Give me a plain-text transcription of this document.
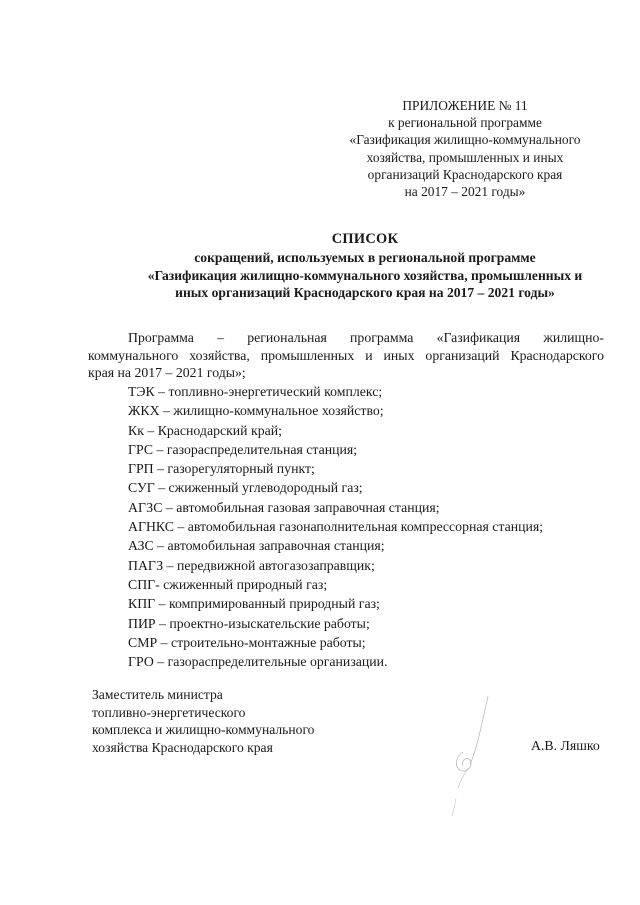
ПРИЛОЖЕНИЕ № 11
к региональной программе
«Газификация жилищно-коммунального
хозяйства, промышленных и иных
организаций Краснодарского края
на 2017 – 2021 годы»
СПИСОК
сокращений, используемых в региональной программе
«Газификация жилищно-коммунального хозяйства, промышленных и
иных организаций Краснодарского края на 2017 – 2021 годы»
Программа – региональная программа «Газификация жилищно-
коммунального хозяйства, промышленных и иных организаций Краснодарского
края на 2017 – 2021 годы»;
ТЭК – топливно-энергетический комплекс;
ЖКХ – жилищно-коммунальное хозяйство;
Кк – Краснодарский край;
ГРС – газораспределительная станция;
ГРП – газорегуляторный пункт;
СУГ – сжиженный углеводородный газ;
АГЗС – автомобильная газовая заправочная станция;
АГНКС – автомобильная газонаполнительная компрессорная станция;
АЗС – автомобильная заправочная станция;
ПАГЗ – передвижной автогазозаправщик;
СПГ- сжиженный природный газ;
КПГ – компримированный природный газ;
ПИР – проектно-изыскательские работы;
СМР – строительно-монтажные работы;
ГРО – газораспределительные организации.
Заместитель министра
топливно-энергетического
комплекса и жилищно-коммунального
хозяйства Краснодарского края	А.В. Ляшко
